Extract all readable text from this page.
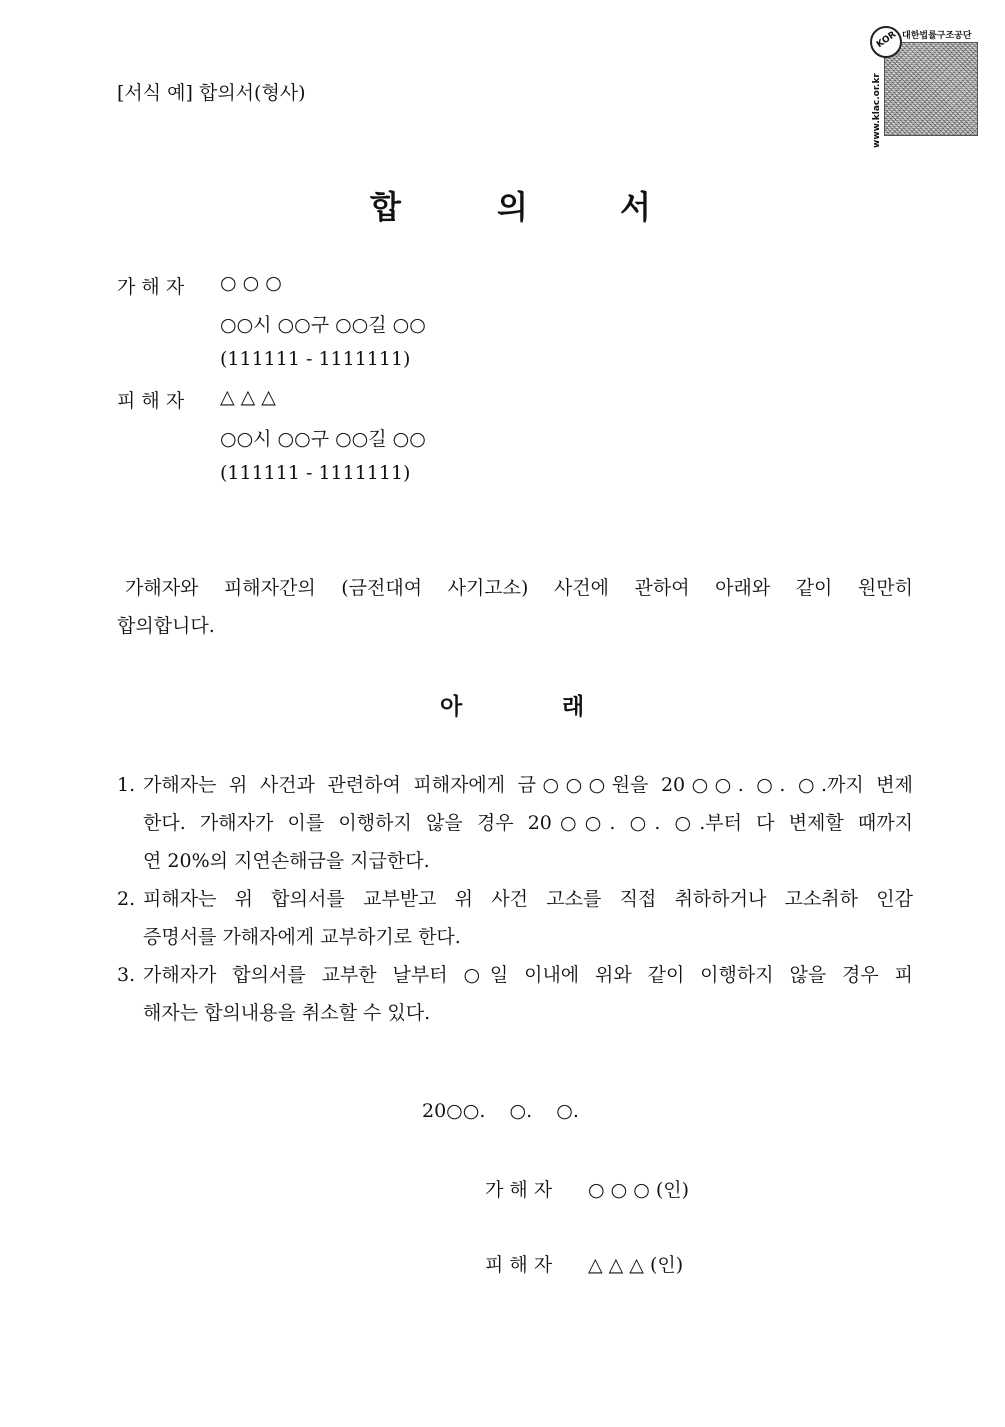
[서식 예] 합의서(형사)
KOR 대한법률구조공단
www.klac.or.kr
합	의	서
가 해 자 ○ ○ ○
○○시 ○○구 ○○길 ○○
(111111 - 1111111)
피 해 자 △ △ △
○○시 ○○구 ○○길 ○○
(111111 - 1111111)
가해자와 피해자간의 (금전대여 사기고소) 사건에 관하여 아래와 같이 원만히
합의합니다.
아	래
1. 가해자는 위 사건과 관련하여 피해자에게 금○○○원을 20○○. ○. ○.까지 변제
한다. 가해자가 이를 이행하지 않을 경우 20○○. ○. ○.부터 다 변제할 때까지
연 20%의 지연손해금을 지급한다.
2. 피해자는 위 합의서를 교부받고 위 사건 고소를 직접 취하하거나 고소취하 인감
증명서를 가해자에게 교부하기로 한다.
3. 가해자가 합의서를 교부한 날부터 ○일 이내에 위와 같이 이행하지 않을 경우 피
해자는 합의내용을 취소할 수 있다.
20○○.    ○.    ○.
가 해 자 ○ ○ ○ (인)
피 해 자 △ △ △ (인)
